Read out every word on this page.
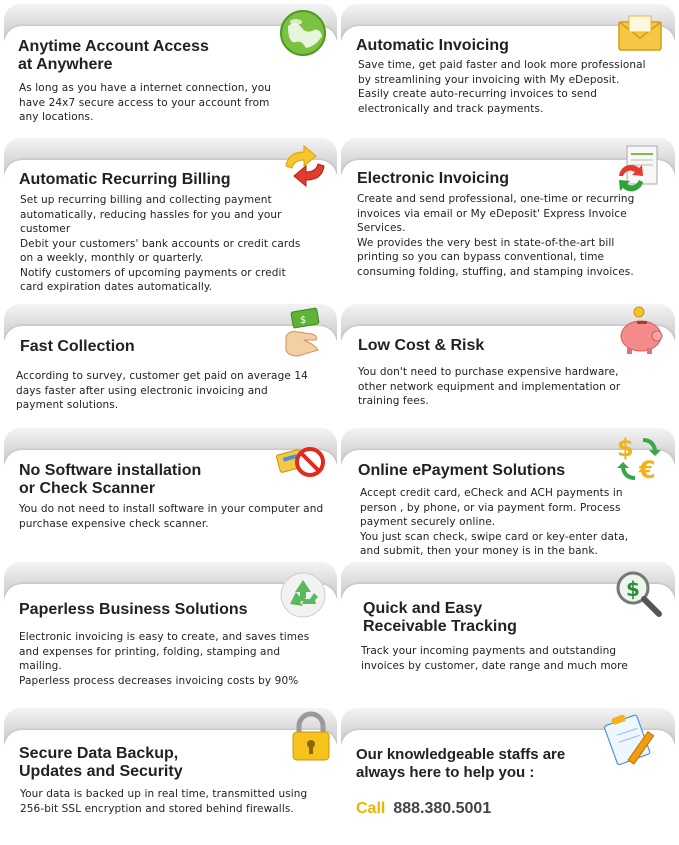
Anytime Account Access
at Anywhere

As long as you have a internet connection, you have 24x7 secure access to your account from any locations.

Automatic Invoicing

Save time, get paid faster and look more professional by streamlining your invoicing with My eDeposit.

Easily create auto-recurring invoices to send electronically and track payments.

Automatic Recurring Billing

Set up recurring billing and collecting payment automatically, reducing hassles for you and your customer

Debit your customers' bank accounts or credit cards on a weekly, monthly or quarterly.

Notify customers of upcoming payments or credit card expiration dates automatically.

Electronic Invoicing

Create and send professional, one-time or recurring invoices via email or My eDeposit' Express Invoice Services.

We provides the very best in state-of-the-art bill printing so you can bypass conventional, time consuming folding, stuffing, and stamping invoices.

Fast Collection

According to survey, customer get paid on average 14 days faster after using electronic invoicing and payment solutions.

$
Low Cost & Risk

You don't need to purchase expensive hardware, other network equipment and implementation or training fees.

No Software installation
or Check Scanner

You do not need to install software in your computer and purchase expensive check scanner.

Online ePayment Solutions

Accept credit card, eCheck and ACH payments in person , by phone, or via payment form. Process payment securely online.

You just scan check, swipe card or key-enter data, and submit, then your money is in the bank.

$
€
Paperless Business Solutions

Electronic invoicing is easy to create, and saves times and expenses for printing, folding, stamping and mailing.

Paperless process decreases invoicing costs by 90%

Quick and Easy
Receivable Tracking

Track your incoming payments and outstanding invoices by customer, date range and much more

$
Secure Data Backup,
Updates and Security

Your data is backed up in real time, transmitted using 256-bit SSL encryption and stored behind firewalls.

Our knowledgeable staffs are
always here to help you :
Call 888.380.5001
